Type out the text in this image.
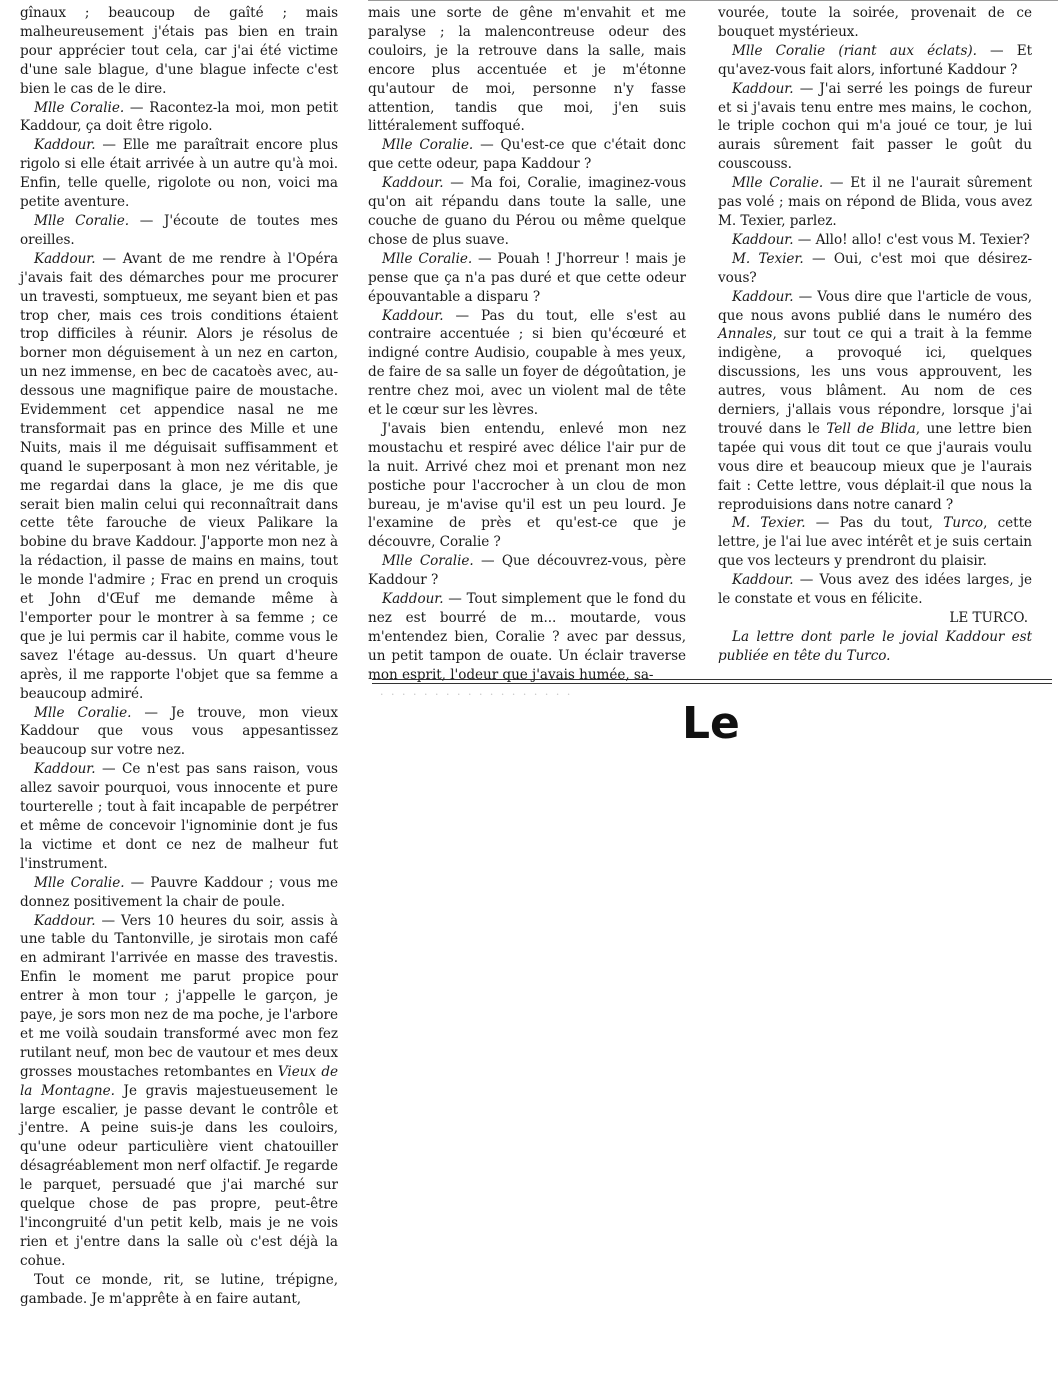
gînaux ; beaucoup de gaîté ; mais malheureusement j'étais pas bien en train pour apprécier tout cela, car j'ai été victime d'une sale blague, d'une blague infecte c'est bien le cas de le dire.

Mlle Coralie. — Racontez-la moi, mon petit Kaddour, ça doit être rigolo.

Kaddour. — Elle me paraîtrait encore plus rigolo si elle était arrivée à un autre qu'à moi. Enfin, telle quelle, rigolote ou non, voici ma petite aventure.

Mlle Coralie. — J'écoute de toutes mes oreilles.

Kaddour. — Avant de me rendre à l'Opéra j'avais fait des démarches pour me procurer un travesti, somptueux, me seyant bien et pas trop cher, mais ces trois conditions étaient trop difficiles à réunir. Alors je résolus de borner mon déguisement à un nez en carton, un nez immense, en bec de cacatoès avec, au-dessous une magnifique paire de moustache. Evidemment cet appendice nasal ne me transformait pas en prince des Mille et une Nuits, mais il me déguisait suffisamment et quand le superposant à mon nez véritable, je me regardai dans la glace, je me dis que serait bien malin celui qui reconnaîtrait dans cette tête farouche de vieux Palikare la bobine du brave Kaddour. J'apporte mon nez à la rédaction, il passe de mains en mains, tout le monde l'admire ; Frac en prend un croquis et John d'Œuf me demande même à l'emporter pour le montrer à sa femme ; ce que je lui permis car il habite, comme vous le savez l'étage au-dessus. Un quart d'heure après, il me rapporte l'objet que sa femme a beaucoup admiré.

Mlle Coralie. — Je trouve, mon vieux Kaddour que vous vous appesantissez beaucoup sur votre nez.

Kaddour. — Ce n'est pas sans raison, vous allez savoir pourquoi, vous innocente et pure tourterelle ; tout à fait incapable de perpétrer et même de concevoir l'ignominie dont je fus la victime et dont ce nez de malheur fut l'instrument.

Mlle Coralie. — Pauvre Kaddour ; vous me donnez positivement la chair de poule.

Kaddour. — Vers 10 heures du soir, assis à une table du Tantonville, je sirotais mon café en admirant l'arrivée en masse des travestis. Enfin le moment me parut propice pour entrer à mon tour ; j'appelle le garçon, je paye, je sors mon nez de ma poche, je l'arbore et me voilà soudain transformé avec mon fez rutilant neuf, mon bec de vautour et mes deux grosses moustaches retombantes en Vieux de la Montagne. Je gravis majestueusement le large escalier, je passe devant le contrôle et j'entre. A peine suis-je dans les couloirs, qu'une odeur particulière vient chatouiller désagréablement mon nerf olfactif. Je regarde le parquet, persuadé que j'ai marché sur quelque chose de pas propre, peut-être l'incongruité d'un petit kelb, mais je ne vois rien et j'entre dans la salle où c'est déjà la cohue.

Tout ce monde, rit, se lutine, trépigne, gambade. Je m'apprête à en faire autant,

mais une sorte de gêne m'envahit et me paralyse ; la malencontreuse odeur des couloirs, je la retrouve dans la salle, mais encore plus accentuée et je m'étonne qu'autour de moi, personne n'y fasse attention, tandis que moi, j'en suis littéralement suffoqué.

Mlle Coralie. — Qu'est-ce que c'était donc que cette odeur, papa Kaddour ?

Kaddour. — Ma foi, Coralie, imaginez-vous qu'on ait répandu dans toute la salle, une couche de guano du Pérou ou même quelque chose de plus suave.

Mlle Coralie. — Pouah ! J'horreur ! mais je pense que ça n'a pas duré et que cette odeur épouvantable a disparu ?

Kaddour. — Pas du tout, elle s'est au contraire accentuée ; si bien qu'écœuré et indigné contre Audisio, coupable à mes yeux, de faire de sa salle un foyer de dégoûtation, je rentre chez moi, avec un violent mal de tête et le cœur sur les lèvres.

J'avais bien entendu, enlevé mon nez moustachu et respiré avec délice l'air pur de la nuit. Arrivé chez moi et prenant mon nez postiche pour l'accrocher à un clou de mon bureau, je m'avise qu'il est un peu lourd. Je l'examine de près et qu'est-ce que je découvre, Coralie ?

Mlle Coralie. — Que découvrez-vous, père Kaddour ?

Kaddour. — Tout simplement que le fond du nez est bourré de m... moutarde, vous m'entendez bien, Coralie ? avec par dessus, un petit tampon de ouate. Un éclair traverse mon esprit, l'odeur que j'avais humée, sa-

vourée, toute la soirée, provenait de ce bouquet mystérieux.

Mlle Coralie (riant aux éclats). — Et qu'avez-vous fait alors, infortuné Kaddour ?

Kaddour. — J'ai serré les poings de fureur et si j'avais tenu entre mes mains, le cochon, le triple cochon qui m'a joué ce tour, je lui aurais sûrement fait passer le goût du couscouss.

Mlle Coralie. — Et il ne l'aurait sûrement pas volé ; mais on répond de Blida, vous avez M. Texier, parlez.

Kaddour. — Allo! allo! c'est vous M. Texier?

M. Texier. — Oui, c'est moi que désirez-vous?

Kaddour. — Vous dire que l'article de vous, que nous avons publié dans le numéro des Annales, sur tout ce qui a trait à la femme indigène, a provoqué ici, quelques discussions, les uns vous approuvent, les autres, vous blâment. Au nom de ces derniers, j'allais vous répondre, lorsque j'ai trouvé dans le Tell de Blida, une lettre bien tapée qui vous dit tout ce que j'aurais voulu vous dire et beaucoup mieux que je l'aurais fait : Cette lettre, vous déplait-il que nous la reproduisions dans notre canard ?

M. Texier. — Pas du tout, Turco, cette lettre, je l'ai lue avec intérêt et je suis certain que vos lecteurs y prendront du plaisir.

Kaddour. — Vous avez des idées larges, je le constate et vous en félicite.

LE TURCO.

La lettre dont parle le jovial Kaddour est publiée en tête du Turco.

· · · · · · · · · · · · · · · · · ·
Le
